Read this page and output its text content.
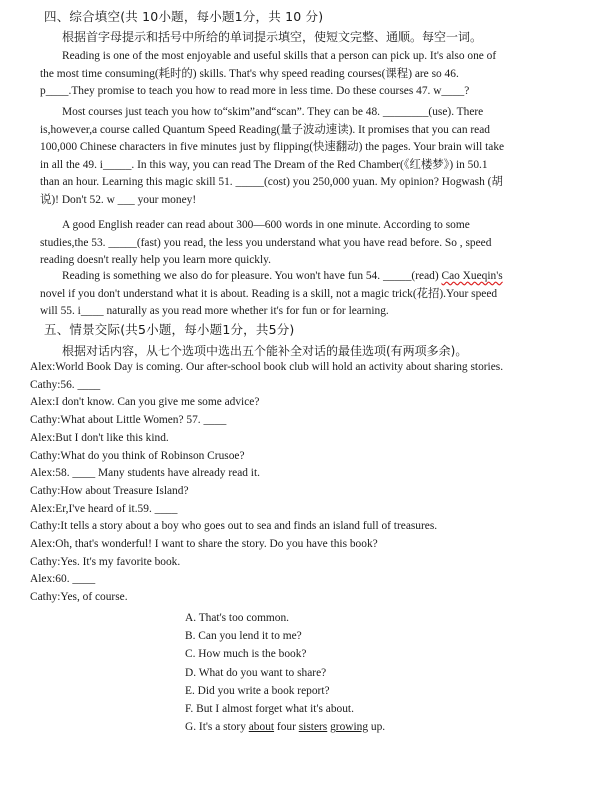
四、综合填空(共 10小题，每小题1分，共 10 分)
根据首字母提示和括号中所给的单词提示填空，使短文完整、通顺。每空一词。
Reading is one of the most enjoyable and useful skills that a person can pick up. It's also one of
the most time consuming(耗时的) skills. That's why speed reading courses(课程) are so 46.
p____.They promise to teach you how to read more in less time. Do these courses 47. w____?
Most courses just teach you how to“skim”and“scan”. They can be 48. ________(use). There
is,however,a course called Quantum Speed Reading(量子波动速读). It promises that you can read
100,000 Chinese characters in five minutes just by flipping(快速翻动) the pages. Your brain will take
in all the 49. i_____. In this way, you can read The Dream of the Red Chamber(《红楼梦》) in 50.1
than an hour. Learning this magic skill 51. _____(cost) you 250,000 yuan. My opinion? Hogwash (胡
说)! Don't 52. w ___ your money!
A good English reader can read about 300—600 words in one minute. According to some
studies,the 53. _____(fast) you read, the less you understand what you have read before. So , speed
reading doesn't really help you learn more quickly.
Reading is something we also do for pleasure. You won't have fun 54. _____(read) Cao Xueqin's
novel if you don't understand what it is about. Reading is a skill, not a magic trick(花招).Your speed
will 55. i____ naturally as you read more whether it's for fun or for learning.
五、情景交际(共5小题，每小题1分，共5分)
根据对话内容，从七个选项中选出五个能补全对话的最佳选项(有两项多余)。
Alex:World Book Day is coming. Our after-school book club will hold an activity about sharing stories.
Cathy:56. ____
Alex:I don't know. Can you give me some advice?
Cathy:What about Little Women? 57. ____
Alex:But I don't like this kind.
Cathy:What do you think of Robinson Crusoe?
Alex:58. ____ Many students have already read it.
Cathy:How about Treasure Island?
Alex:Er,I've heard of it.59. ____
Cathy:It tells a story about a boy who goes out to sea and finds an island full of treasures.
Alex:Oh, that's wonderful! I want to share the story. Do you have this book?
Cathy:Yes. It's my favorite book.
Alex:60. ____
Cathy:Yes, of course.
A. That's too common.
B. Can you lend it to me?
C. How much is the book?
D. What do you want to share?
E. Did you write a book report?
F. But I almost forget what it's about.
G. It's a story about four sisters growing up.
